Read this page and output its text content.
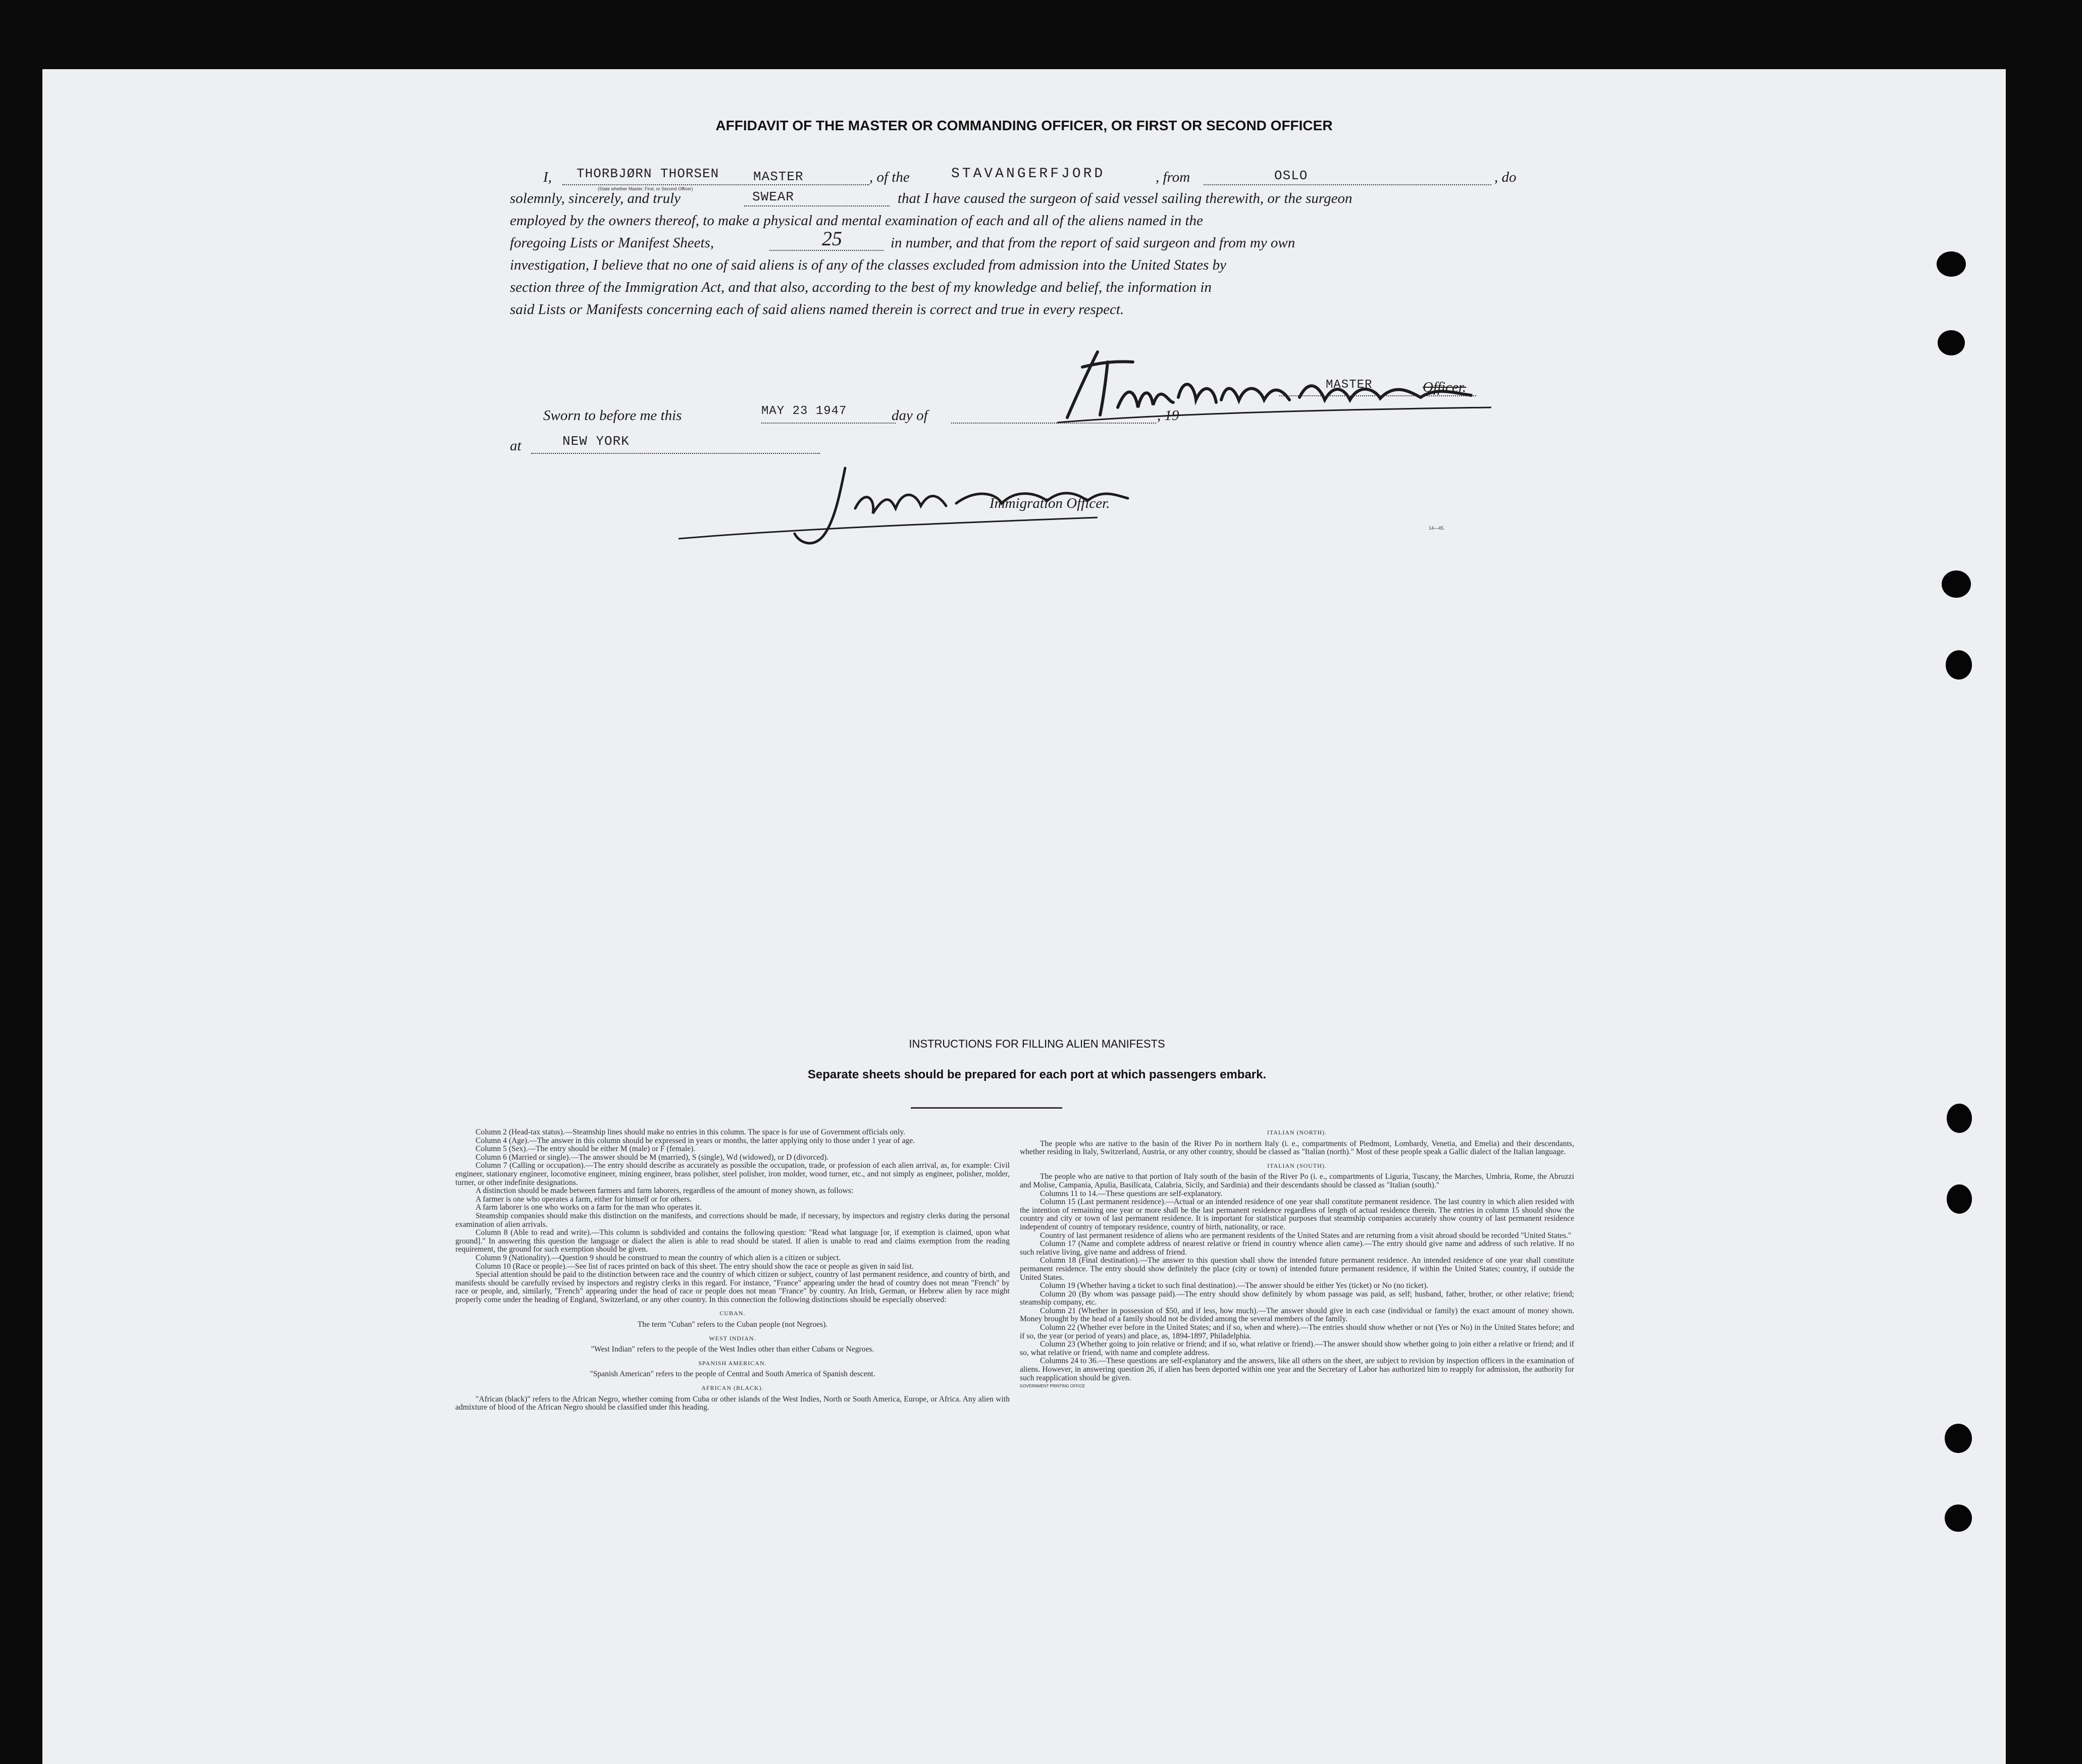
AFFIDAVIT OF THE MASTER OR COMMANDING OFFICER, OR FIRST OR SECOND OFFICER
I, THORBJØRN THORSEN	MASTER
(State whether Master, First, or Second Officer)
, of the	STAVANGERFJORD	, from	OSLO	, do
solemnly, sincerely, and truly	SWEAR	that I have caused the surgeon of said vessel sailing therewith, or the surgeon
employed by the owners thereof, to make a physical and mental examination of each and all of the aliens named in the
foregoing Lists or Manifest Sheets,	25	in number, and that from the report of said surgeon and from my own
investigation, I believe that no one of said aliens is of any of the classes excluded from admission into the United States by
section three of the Immigration Act, and that also, according to the best of my knowledge and belief, the information in
said Lists or Manifests concerning each of said aliens named therein is correct and true in every respect.
MASTER	Officer.
Sworn to before me this	MAY 23 1947	day of	, 19
at	NEW YORK
Immigration Officer.
14—45.
INSTRUCTIONS FOR FILLING ALIEN MANIFESTS
Separate sheets should be prepared for each port at which passengers embark.

Column 2 (Head-tax status).—Steamship lines should make no entries in this column. The space is for use of Government officials only.

Column 4 (Age).—The answer in this column should be expressed in years or months, the latter applying only to those under 1 year of age.

Column 5 (Sex).—The entry should be either M (male) or F (female).

Column 6 (Married or single).—The answer should be M (married), S (single), Wd (widowed), or D (divorced).

Column 7 (Calling or occupation).—The entry should describe as accurately as possible the occupation, trade, or profession of each alien arrival, as, for example: Civil engineer, stationary engineer, locomotive engineer, mining engineer, brass polisher, steel polisher, iron molder, wood turner, etc., and not simply as engineer, polisher, molder, turner, or other indefinite designations.

A distinction should be made between farmers and farm laborers, regardless of the amount of money shown, as follows:

A farmer is one who operates a farm, either for himself or for others.

A farm laborer is one who works on a farm for the man who operates it.

Steamship companies should make this distinction on the manifests, and corrections should be made, if necessary, by inspectors and registry clerks during the personal examination of alien arrivals.

Column 8 (Able to read and write).—This column is subdivided and contains the following question: "Read what language [or, if exemption is claimed, upon what ground]." In answering this question the language or dialect the alien is able to read should be stated. If alien is unable to read and claims exemption from the reading requirement, the ground for such exemption should be given.

Column 9 (Nationality).—Question 9 should be construed to mean the country of which alien is a citizen or subject.

Column 10 (Race or people).—See list of races printed on back of this sheet. The entry should show the race or people as given in said list.

Special attention should be paid to the distinction between race and the country of which citizen or subject, country of last permanent residence, and country of birth, and manifests should be carefully revised by inspectors and registry clerks in this regard. For instance, "France" appearing under the head of country does not mean "French" by race or people, and, similarly, "French" appearing under the head of race or people does not mean "France" by country. An Irish, German, or Hebrew alien by race might properly come under the heading of England, Switzerland, or any other country. In this connection the following distinctions should be especially observed:

CUBAN.

The term "Cuban" refers to the Cuban people (not Negroes).

WEST INDIAN.

"West Indian" refers to the people of the West Indies other than either Cubans or Negroes.

SPANISH AMERICAN.

"Spanish American" refers to the people of Central and South America of Spanish descent.

AFRICAN (BLACK).

"African (black)" refers to the African Negro, whether coming from Cuba or other islands of the West Indies, North or South America, Europe, or Africa. Any alien with admixture of blood of the African Negro should be classified under this heading.

ITALIAN (NORTH).

The people who are native to the basin of the River Po in northern Italy (i. e., compartments of Piedmont, Lombardy, Venetia, and Emelia) and their descendants, whether residing in Italy, Switzerland, Austria, or any other country, should be classed as "Italian (north)." Most of these people speak a Gallic dialect of the Italian language.

ITALIAN (SOUTH).

The people who are native to that portion of Italy south of the basin of the River Po (i. e., compartments of Liguria, Tuscany, the Marches, Umbria, Rome, the Abruzzi and Molise, Campania, Apulia, Basilicata, Calabria, Sicily, and Sardinia) and their descendants should be classed as "Italian (south)."

Columns 11 to 14.—These questions are self-explanatory.

Column 15 (Last permanent residence).—Actual or an intended residence of one year shall constitute permanent residence. The last country in which alien resided with the intention of remaining one year or more shall be the last permanent residence regardless of length of actual residence therein. The entries in column 15 should show the country and city or town of last permanent residence. It is important for statistical purposes that steamship companies accurately show country of last permanent residence independent of country of temporary residence, country of birth, nationality, or race.

Country of last permanent residence of aliens who are permanent residents of the United States and are returning from a visit abroad should be recorded "United States."

Column 17 (Name and complete address of nearest relative or friend in country whence alien came).—The entry should give name and address of such relative. If no such relative living, give name and address of friend.

Column 18 (Final destination).—The answer to this question shall show the intended future permanent residence. An intended residence of one year shall constitute permanent residence. The entry should show definitely the place (city or town) of intended future permanent residence, if within the United States; country, if outside the United States.

Column 19 (Whether having a ticket to such final destination).—The answer should be either Yes (ticket) or No (no ticket).

Column 20 (By whom was passage paid).—The entry should show definitely by whom passage was paid, as self; husband, father, brother, or other relative; friend; steamship company, etc.

Column 21 (Whether in possession of $50, and if less, how much).—The answer should give in each case (individual or family) the exact amount of money shown. Money brought by the head of a family should not be divided among the several members of the family.

Column 22 (Whether ever before in the United States; and if so, when and where).—The entries should show whether or not (Yes or No) in the United States before; and if so, the year (or period of years) and place, as, 1894-1897, Philadelphia.

Column 23 (Whether going to join relative or friend; and if so, what relative or friend).—The answer should show whether going to join either a relative or friend; and if so, what relative or friend, with name and complete address.

Columns 24 to 36.—These questions are self-explanatory and the answers, like all others on the sheet, are subject to revision by inspection officers in the examination of aliens. However, in answering question 26, if alien has been deported within one year and the Secretary of Labor has authorized him to reapply for admission, the authority for such reapplication should be given.

GOVERNMENT PRINTING OFFICE
